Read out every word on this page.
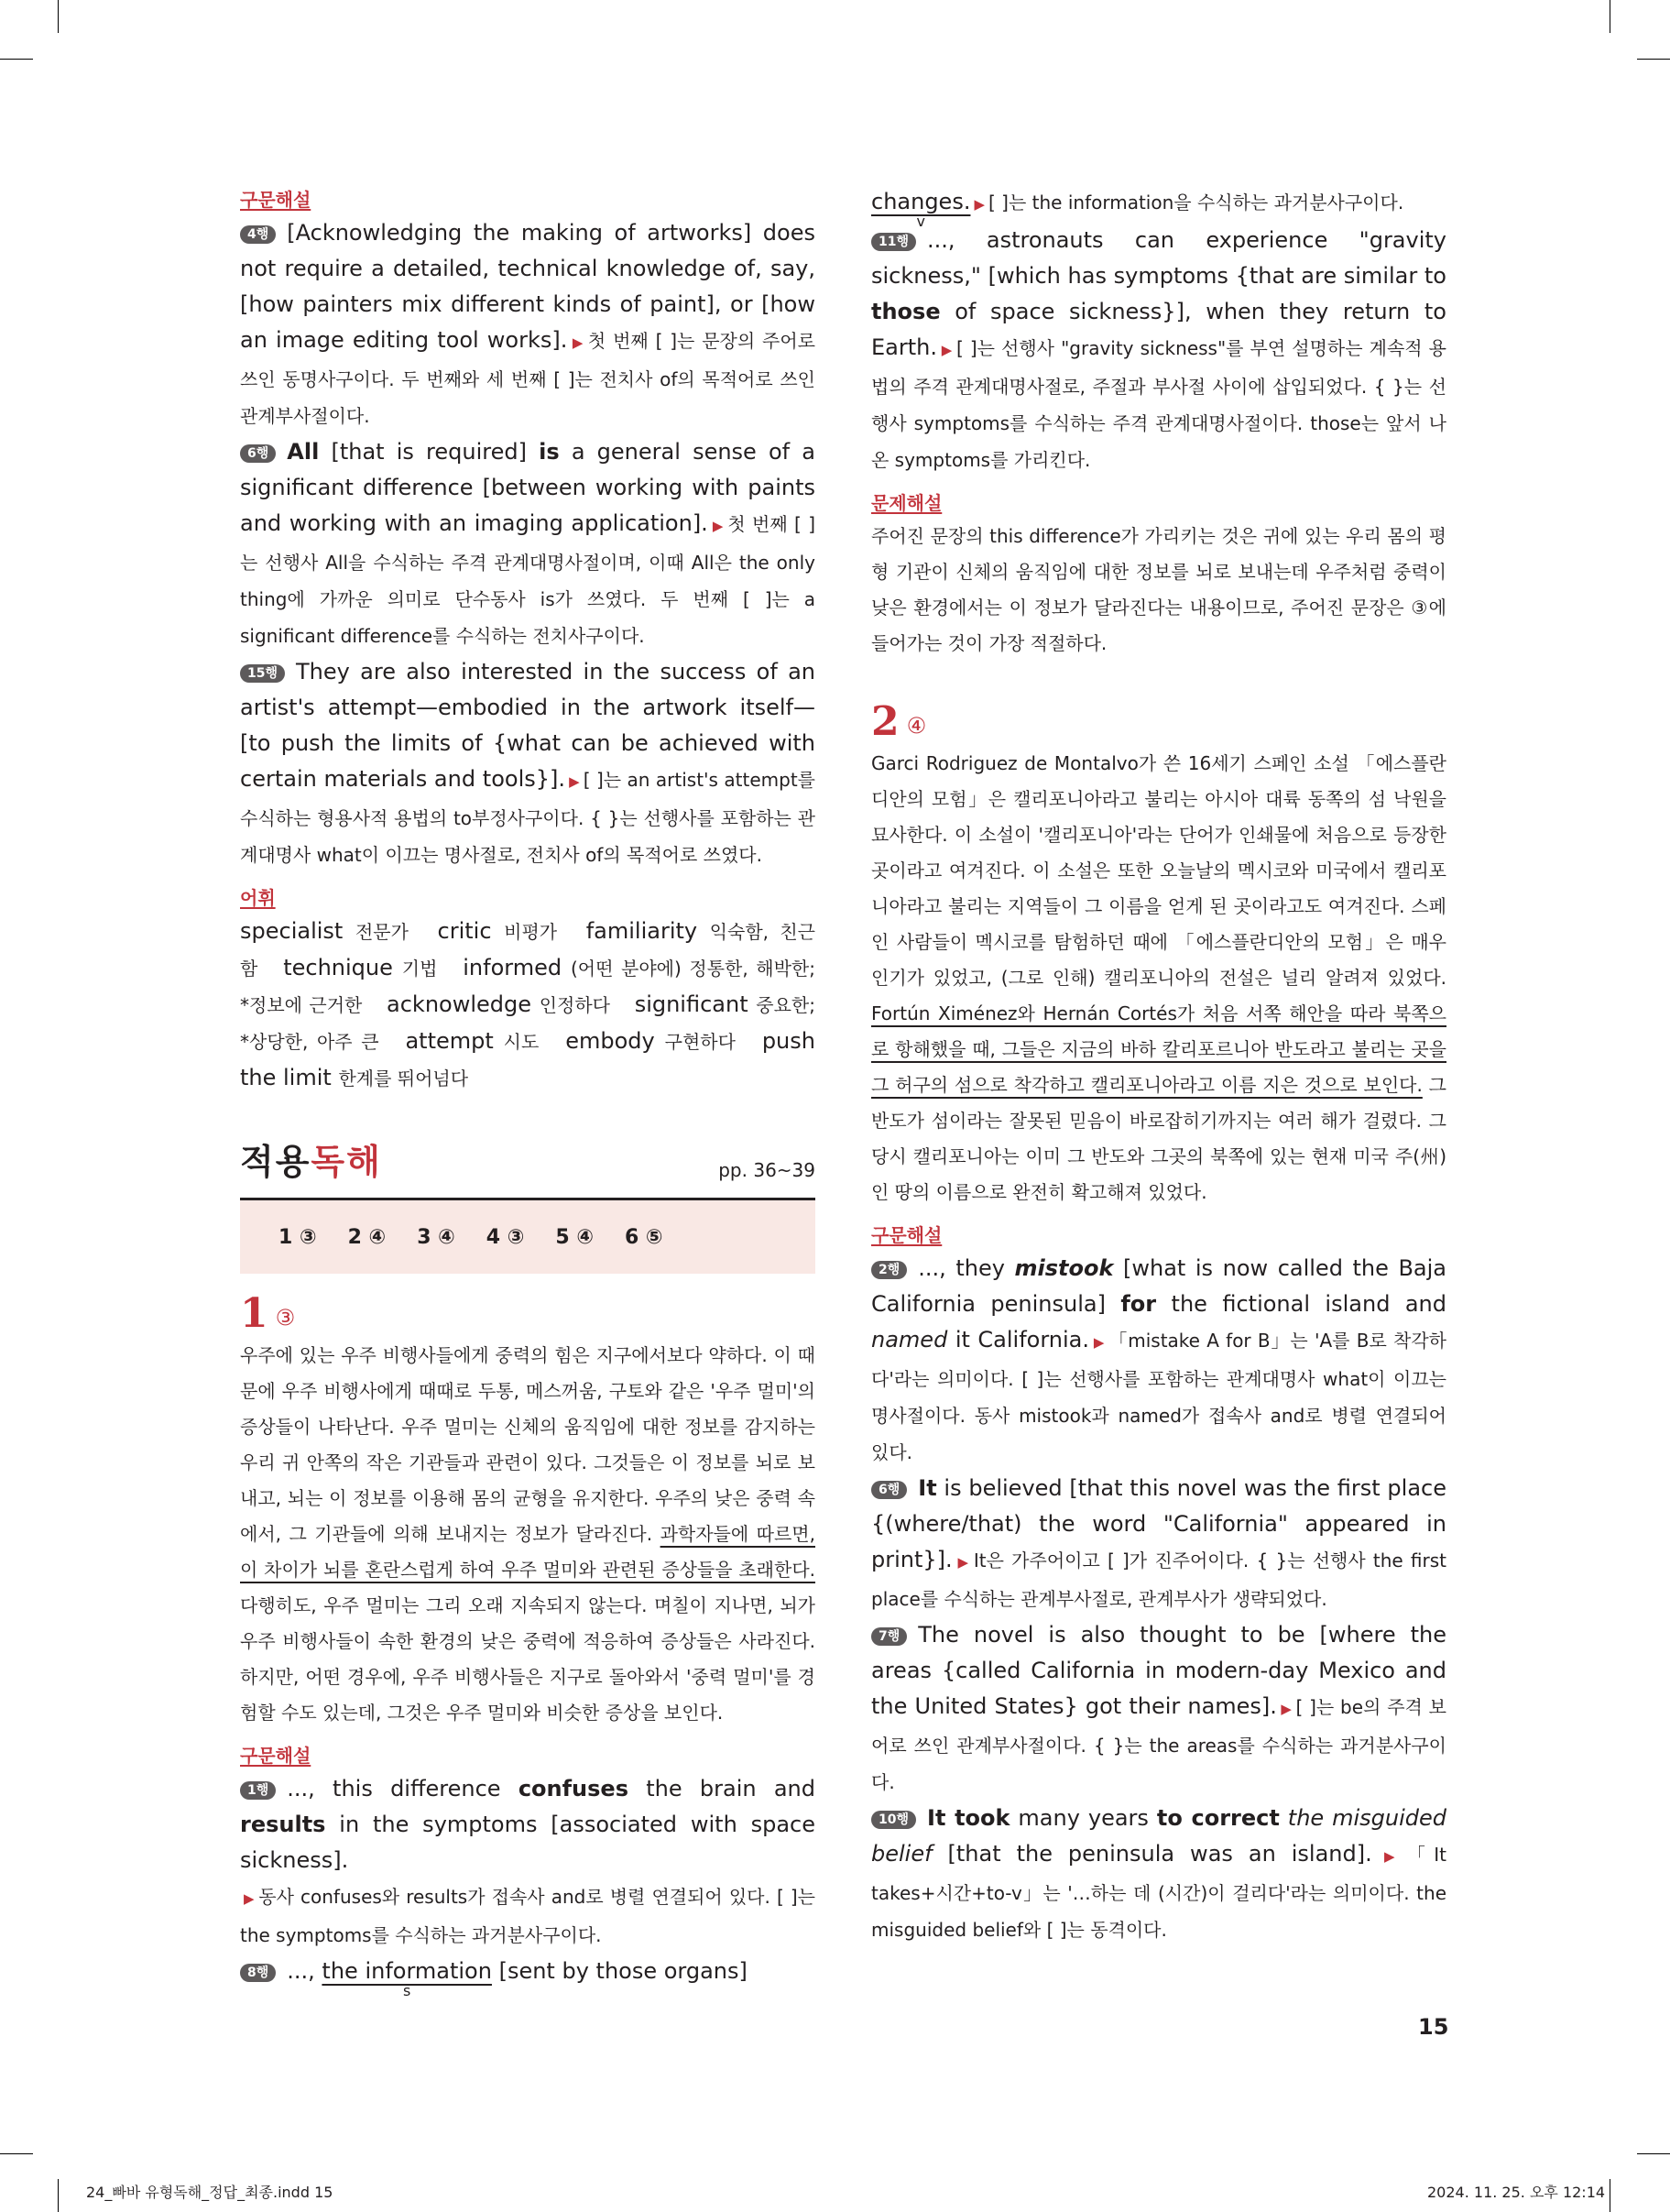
구문해설

4행 [Acknowledging the making of artworks] does not require a detailed, technical knowledge of, say, [how painters mix different kinds of paint], or [how an image editing tool works]. ▶ 첫 번째 [ ]는 문장의 주어로 쓰인 동명사구이다. 두 번째와 세 번째 [ ]는 전치사 of의 목적어로 쓰인 관계부사절이다.

6행 All [that is required] is a general sense of a significant difference [between working with paints and working with an imaging application]. ▶ 첫 번째 [ ]는 선행사 All을 수식하는 주격 관계대명사절이며, 이때 All은 the only thing에 가까운 의미로 단수동사 is가 쓰였다. 두 번째 [ ]는 a significant difference를 수식하는 전치사구이다.

15행 They are also interested in the success of an artist's attempt—embodied in the artwork itself—[to push the limits of {what can be achieved with certain materials and tools}]. ▶ [ ]는 an artist's attempt를 수식하는 형용사적 용법의 to부정사구이다. { }는 선행사를 포함하는 관계대명사 what이 이끄는 명사절로, 전치사 of의 목적어로 쓰였다.

어휘

specialist 전문가 critic 비평가 familiarity 익숙함, 친근함 technique 기법 informed (어떤 분야에) 정통한, 해박한; *정보에 근거한 acknowledge 인정하다 significant 중요한; *상당한, 아주 큰 attempt 시도 embody 구현하다 push the limit 한계를 뛰어넘다

적용독해	pp. 36~39
1 ③ 2 ④ 3 ④ 4 ③ 5 ④ 6 ⑤
1 ③

우주에 있는 우주 비행사들에게 중력의 힘은 지구에서보다 약하다. 이 때문에 우주 비행사에게 때때로 두통, 메스꺼움, 구토와 같은 '우주 멀미'의 증상들이 나타난다. 우주 멀미는 신체의 움직임에 대한 정보를 감지하는 우리 귀 안쪽의 작은 기관들과 관련이 있다. 그것들은 이 정보를 뇌로 보내고, 뇌는 이 정보를 이용해 몸의 균형을 유지한다. 우주의 낮은 중력 속에서, 그 기관들에 의해 보내지는 정보가 달라진다. 과학자들에 따르면, 이 차이가 뇌를 혼란스럽게 하여 우주 멀미와 관련된 증상들을 초래한다. 다행히도, 우주 멀미는 그리 오래 지속되지 않는다. 며칠이 지나면, 뇌가 우주 비행사들이 속한 환경의 낮은 중력에 적응하여 증상들은 사라진다. 하지만, 어떤 경우에, 우주 비행사들은 지구로 돌아와서 '중력 멀미'를 경험할 수도 있는데, 그것은 우주 멀미와 비슷한 증상을 보인다.

구문해설

1행 ..., this difference confuses the brain and results in the symptoms [associated with space sickness].
▶ 동사 confuses와 results가 접속사 and로 병렬 연결되어 있다. [ ]는 the symptoms를 수식하는 과거분사구이다.

8행 ..., the information
s
[sent by those organs]

changes.
v
▶ [ ]는 the information을 수식하는 과거분사구이다.

11행 ..., astronauts can experience "gravity sickness," [which has symptoms {that are similar to those of space sickness}], when they return to Earth. ▶ [ ]는 선행사 "gravity sickness"를 부연 설명하는 계속적 용법의 주격 관계대명사절로, 주절과 부사절 사이에 삽입되었다. { }는 선행사 symptoms를 수식하는 주격 관계대명사절이다. those는 앞서 나온 symptoms를 가리킨다.

문제해설

주어진 문장의 this difference가 가리키는 것은 귀에 있는 우리 몸의 평형 기관이 신체의 움직임에 대한 정보를 뇌로 보내는데 우주처럼 중력이 낮은 환경에서는 이 정보가 달라진다는 내용이므로, 주어진 문장은 ③에 들어가는 것이 가장 적절하다.

2 ④

Garci Rodriguez de Montalvo가 쓴 16세기 스페인 소설 「에스플란디안의 모험」은 캘리포니아라고 불리는 아시아 대륙 동쪽의 섬 낙원을 묘사한다. 이 소설이 '캘리포니아'라는 단어가 인쇄물에 처음으로 등장한 곳이라고 여겨진다. 이 소설은 또한 오늘날의 멕시코와 미국에서 캘리포니아라고 불리는 지역들이 그 이름을 얻게 된 곳이라고도 여겨진다. 스페인 사람들이 멕시코를 탐험하던 때에 「에스플란디안의 모험」은 매우 인기가 있었고, (그로 인해) 캘리포니아의 전설은 널리 알려져 있었다. Fortún Ximénez와 Hernán Cortés가 처음 서쪽 해안을 따라 북쪽으로 항해했을 때, 그들은 지금의 바하 칼리포르니아 반도라고 불리는 곳을 그 허구의 섬으로 착각하고 캘리포니아라고 이름 지은 것으로 보인다. 그 반도가 섬이라는 잘못된 믿음이 바로잡히기까지는 여러 해가 걸렸다. 그 당시 캘리포니아는 이미 그 반도와 그곳의 북쪽에 있는 현재 미국 주(州)인 땅의 이름으로 완전히 확고해져 있었다.

구문해설

2행 ..., they mistook [what is now called the Baja California peninsula] for the fictional island and named it California. ▶ 「mistake A for B」는 'A를 B로 착각하다'라는 의미이다. [ ]는 선행사를 포함하는 관계대명사 what이 이끄는 명사절이다. 동사 mistook과 named가 접속사 and로 병렬 연결되어 있다.

6행 It is believed [that this novel was the first place {(where/that) the word "California" appeared in print}]. ▶ It은 가주어이고 [ ]가 진주어이다. { }는 선행사 the first place를 수식하는 관계부사절로, 관계부사가 생략되었다.

7행 The novel is also thought to be [where the areas {called California in modern-day Mexico and the United States} got their names]. ▶ [ ]는 be의 주격 보어로 쓰인 관계부사절이다. { }는 the areas를 수식하는 과거분사구이다.

10행 It took many years to correct the misguided belief [that the peninsula was an island]. ▶ 「It takes+시간+to-v」는 '…하는 데 (시간)이 걸리다'라는 의미이다. the misguided belief와 [ ]는 동격이다.

15
24_빠바 유형독해_정답_최종.indd 15	2024. 11. 25. 오후 12:14
